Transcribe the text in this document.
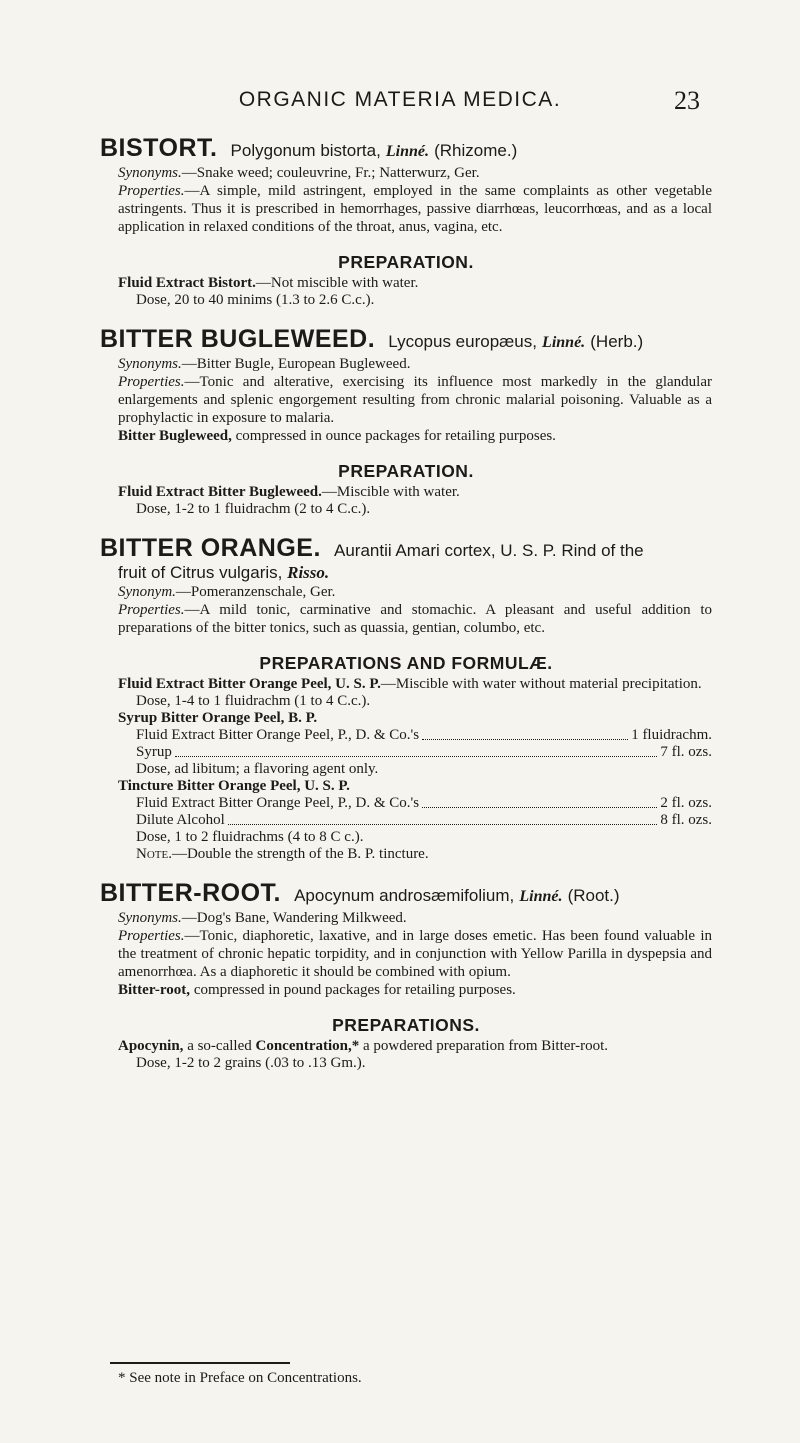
ORGANIC MATERIA MEDICA.	23
BISTORT. Polygonum bistorta, Linné. (Rhizome.)

Synonyms.—Snake weed; couleuvrine, Fr.; Natterwurz, Ger.

Properties.—A simple, mild astringent, employed in the same complaints as other vegetable astringents. Thus it is prescribed in hemorrhages, passive diarrhœas, leucorrhœas, and as a local application in relaxed conditions of the throat, anus, vagina, etc.

PREPARATION.
Fluid Extract Bistort.—Not miscible with water.
Dose, 20 to 40 minims (1.3 to 2.6 C.c.).
BITTER BUGLEWEED. Lycopus europæus, Linné. (Herb.)

Synonyms.—Bitter Bugle, European Bugleweed.

Properties.—Tonic and alterative, exercising its influence most markedly in the glandular enlargements and splenic engorgement resulting from chronic malarial poisoning. Valuable as a prophylactic in exposure to malaria.

Bitter Bugleweed, compressed in ounce packages for retailing purposes.

PREPARATION.
Fluid Extract Bitter Bugleweed.—Miscible with water.
Dose, 1-2 to 1 fluidrachm (2 to 4 C.c.).
BITTER ORANGE. Aurantii Amari cortex, U. S. P. Rind of the
fruit of Citrus vulgaris, Risso.

Synonym.—Pomeranzenschale, Ger.

Properties.—A mild tonic, carminative and stomachic. A pleasant and useful addition to preparations of the bitter tonics, such as quassia, gentian, columbo, etc.

PREPARATIONS AND FORMULÆ.
Fluid Extract Bitter Orange Peel, U. S. P.—Miscible with water without material precipitation.
Dose, 1-4 to 1 fluidrachm (1 to 4 C.c.).
Syrup Bitter Orange Peel, B. P.
Fluid Extract Bitter Orange Peel, P., D. & Co.'s	1 fluidrachm.
Syrup	7 fl. ozs.
Dose, ad libitum; a flavoring agent only.
Tincture Bitter Orange Peel, U. S. P.
Fluid Extract Bitter Orange Peel, P., D. & Co.'s	2 fl. ozs.
Dilute Alcohol	8 fl. ozs.
Dose, 1 to 2 fluidrachms (4 to 8 C c.).
Note.—Double the strength of the B. P. tincture.
BITTER-ROOT. Apocynum androsæmifolium, Linné. (Root.)

Synonyms.—Dog's Bane, Wandering Milkweed.

Properties.—Tonic, diaphoretic, laxative, and in large doses emetic. Has been found valuable in the treatment of chronic hepatic torpidity, and in conjunction with Yellow Parilla in dyspepsia and amenorrhœa. As a diaphoretic it should be combined with opium.

Bitter-root, compressed in pound packages for retailing purposes.

PREPARATIONS.
Apocynin, a so-called Concentration,* a powdered preparation from Bitter-root.
Dose, 1-2 to 2 grains (.03 to .13 Gm.).
* See note in Preface on Concentrations.
